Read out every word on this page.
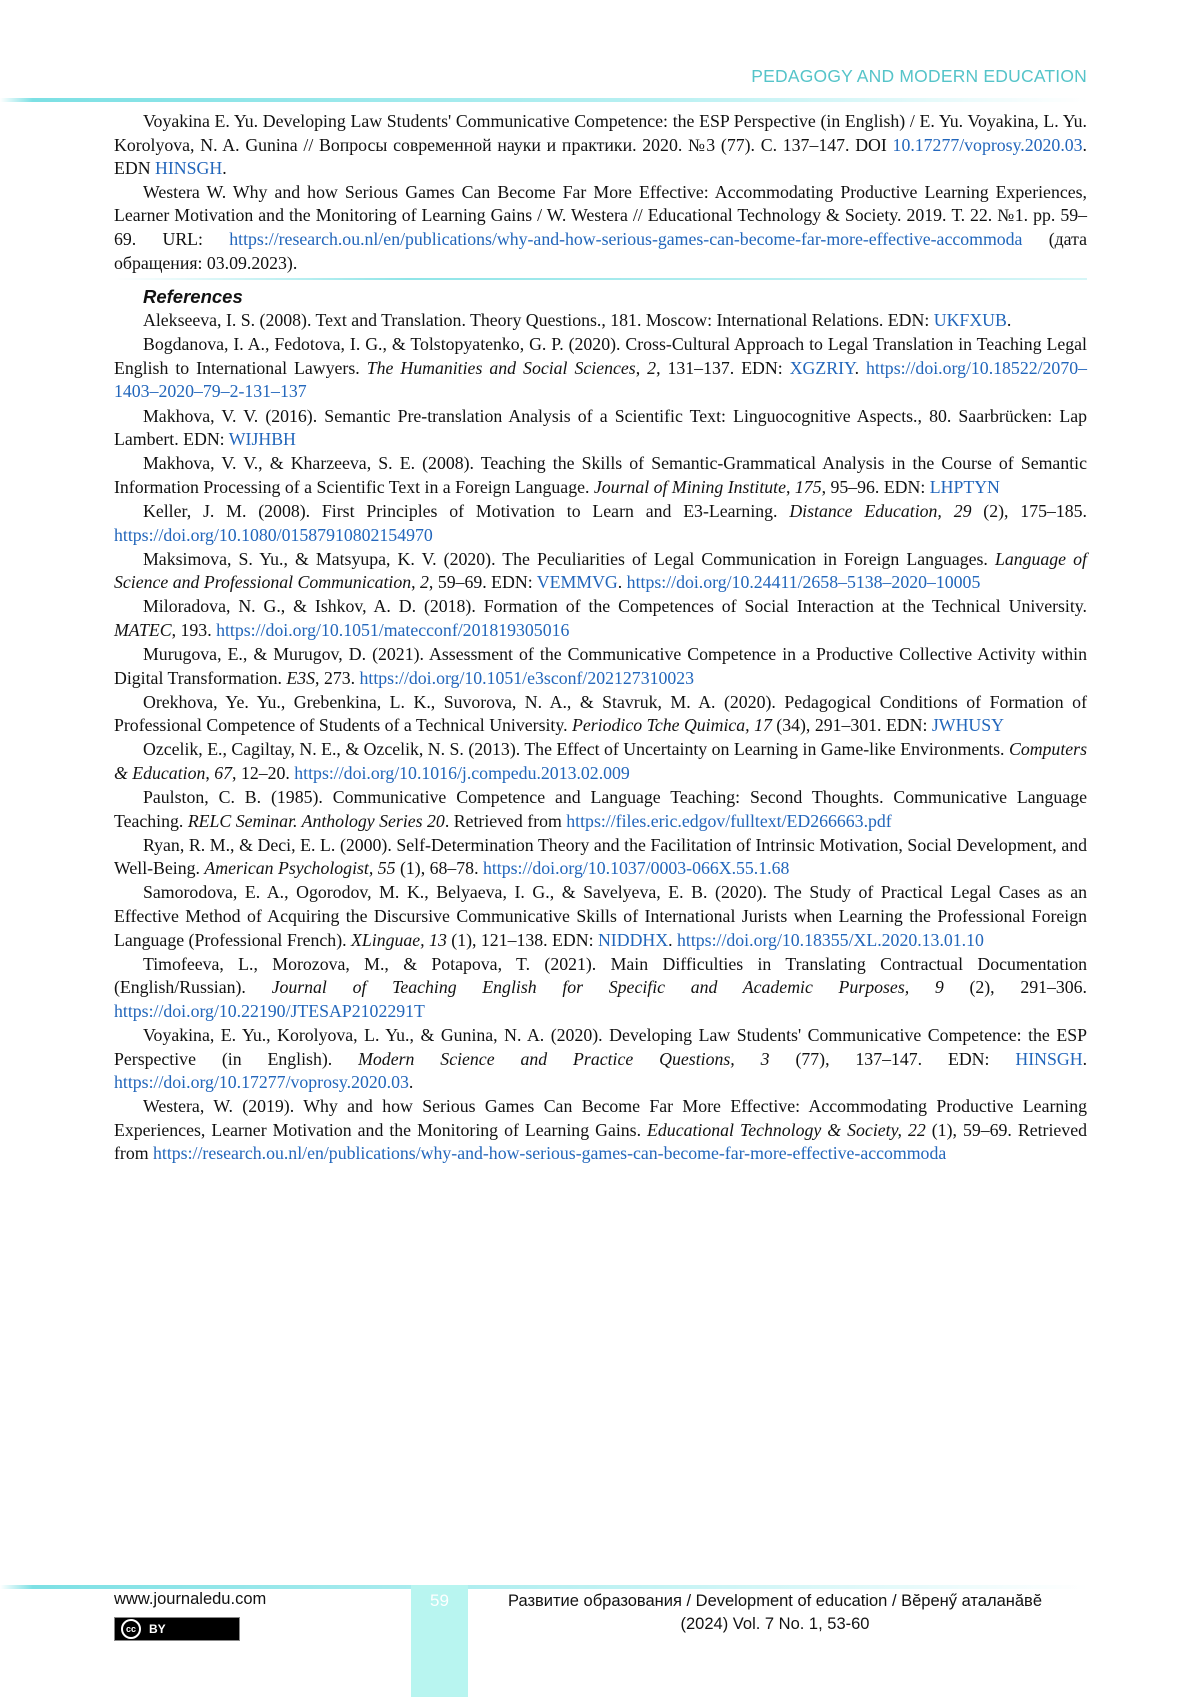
PEDAGOGY AND MODERN EDUCATION

Voyakina E. Yu. Developing Law Students' Communicative Competence: the ESP Perspective (in English) / E. Yu. Voyakina, L. Yu. Korolyova, N. A. Gunina // Вопросы современной науки и практики. 2020. №3 (77). С. 137–147. DOI 10.17277/voprosy.2020.03. EDN HINSGH.

Westera W. Why and how Serious Games Can Become Far More Effective: Accommodating Productive Learning Experiences, Learner Motivation and the Monitoring of Learning Gains / W. Westera // Educational Technology & Society. 2019. Т. 22. №1. pp. 59–69. URL: https://research.ou.nl/en/publications/why-and-how-serious-games-can-become-far-more-effective-accommoda (дата обращения: 03.09.2023).

References

Alekseeva, I. S. (2008). Text and Translation. Theory Questions., 181. Moscow: International Relations. EDN: UKFXUB.

Bogdanova, I. A., Fedotova, I. G., & Tolstopyatenko, G. P. (2020). Cross-Cultural Approach to Legal Translation in Teaching Legal English to International Lawyers. The Humanities and Social Sciences, 2, 131–137. EDN: XGZRIY. https://doi.org/10.18522/2070–1403–2020–79–2-131–137

Makhova, V. V. (2016). Semantic Pre-translation Analysis of a Scientific Text: Linguocognitive Aspects., 80. Saarbrücken: Lap Lambert. EDN: WIJHBH

Makhova, V. V., & Kharzeeva, S. E. (2008). Teaching the Skills of Semantic-Grammatical Analysis in the Course of Semantic Information Processing of a Scientific Text in a Foreign Language. Journal of Mining Institute, 175, 95–96. EDN: LHPTYN

Keller, J. M. (2008). First Principles of Motivation to Learn and E3-Learning. Distance Education, 29 (2), 175–185. https://doi.org/10.1080/01587910802154970

Maksimova, S. Yu., & Matsyupa, K. V. (2020). The Peculiarities of Legal Communication in Foreign Languages. Language of Science and Professional Communication, 2, 59–69. EDN: VEMMVG. https://doi.org/10.24411/2658–5138–2020–10005

Miloradova, N. G., & Ishkov, A. D. (2018). Formation of the Competences of Social Interaction at the Technical University. MATEC, 193. https://doi.org/10.1051/matecconf/201819305016

Murugova, E., & Murugov, D. (2021). Assessment of the Communicative Competence in a Productive Collective Activity within Digital Transformation. E3S, 273. https://doi.org/10.1051/e3sconf/202127310023

Orekhova, Ye. Yu., Grebenkina, L. K., Suvorova, N. A., & Stavruk, M. A. (2020). Pedagogical Conditions of Formation of Professional Competence of Students of a Technical University. Periodico Tche Quimica, 17 (34), 291–301. EDN: JWHUSY

Ozcelik, E., Cagiltay, N. E., & Ozcelik, N. S. (2013). The Effect of Uncertainty on Learning in Game-like Environments. Computers & Education, 67, 12–20. https://doi.org/10.1016/j.compedu.2013.02.009

Paulston, C. B. (1985). Communicative Competence and Language Teaching: Second Thoughts. Communicative Language Teaching. RELC Seminar. Anthology Series 20. Retrieved from https://files.eric.edgov/fulltext/ED266663.pdf

Ryan, R. M., & Deci, E. L. (2000). Self-Determination Theory and the Facilitation of Intrinsic Motivation, Social Development, and Well-Being. American Psychologist, 55 (1), 68–78. https://doi.org/10.1037/0003-066X.55.1.68

Samorodova, E. A., Ogorodov, M. K., Belyaeva, I. G., & Savelyeva, E. B. (2020). The Study of Practical Legal Cases as an Effective Method of Acquiring the Discursive Communicative Skills of International Jurists when Learning the Professional Foreign Language (Professional French). XLinguae, 13 (1), 121–138. EDN: NIDDHX. https://doi.org/10.18355/XL.2020.13.01.10

Timofeeva, L., Morozova, M., & Potapova, T. (2021). Main Difficulties in Translating Contractual Documentation (English/Russian). Journal of Teaching English for Specific and Academic Purposes, 9 (2), 291–306. https://doi.org/10.22190/JTESAP2102291T

Voyakina, E. Yu., Korolyova, L. Yu., & Gunina, N. A. (2020). Developing Law Students' Communicative Competence: the ESP Perspective (in English). Modern Science and Practice Questions, 3 (77), 137–147. EDN: HINSGH. https://doi.org/10.17277/voprosy.2020.03.

Westera, W. (2019). Why and how Serious Games Can Become Far More Effective: Accommodating Productive Learning Experiences, Learner Motivation and the Monitoring of Learning Gains. Educational Technology & Society, 22 (1), 59–69. Retrieved from https://research.ou.nl/en/publications/why-and-how-serious-games-can-become-far-more-effective-accommoda

59
www.journaledu.com
cc	BY
Развитие образования / Development of education / Вĕренӳ аталанăвĕ
(2024) Vol. 7 No. 1, 53-60
